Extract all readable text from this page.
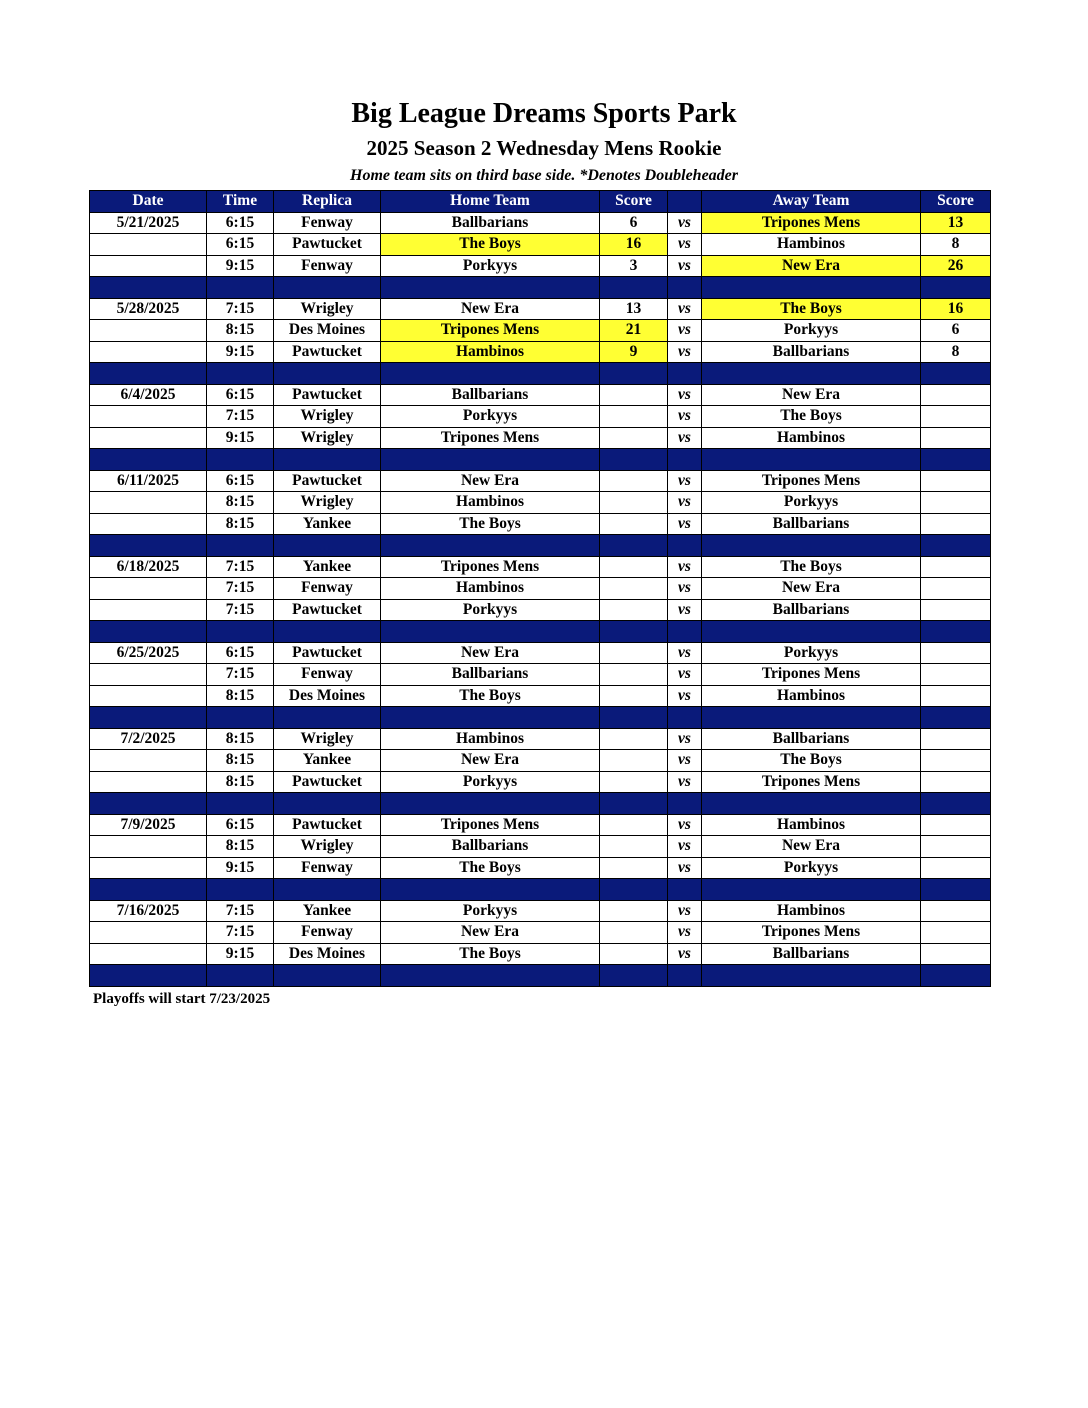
Big League Dreams Sports Park
2025 Season 2 Wednesday Mens Rookie
Home team sits on third base side. *Denotes Doubleheader
Date	Time	Replica	Home Team	Score		Away Team	Score
5/21/2025	6:15	Fenway	Ballbarians	6	vs	Tripones Mens	13
	6:15	Pawtucket	The Boys	16	vs	Hambinos	8
	9:15	Fenway	Porkyys	3	vs	New Era	26

5/28/2025	7:15	Wrigley	New Era	13	vs	The Boys	16
	8:15	Des Moines	Tripones Mens	21	vs	Porkyys	6
	9:15	Pawtucket	Hambinos	9	vs	Ballbarians	8

6/4/2025	6:15	Pawtucket	Ballbarians		vs	New Era	
	7:15	Wrigley	Porkyys		vs	The Boys	
	9:15	Wrigley	Tripones Mens		vs	Hambinos	

6/11/2025	6:15	Pawtucket	New Era		vs	Tripones Mens	
	8:15	Wrigley	Hambinos		vs	Porkyys	
	8:15	Yankee	The Boys		vs	Ballbarians	

6/18/2025	7:15	Yankee	Tripones Mens		vs	The Boys	
	7:15	Fenway	Hambinos		vs	New Era	
	7:15	Pawtucket	Porkyys		vs	Ballbarians	

6/25/2025	6:15	Pawtucket	New Era		vs	Porkyys	
	7:15	Fenway	Ballbarians		vs	Tripones Mens	
	8:15	Des Moines	The Boys		vs	Hambinos	

7/2/2025	8:15	Wrigley	Hambinos		vs	Ballbarians	
	8:15	Yankee	New Era		vs	The Boys	
	8:15	Pawtucket	Porkyys		vs	Tripones Mens	

7/9/2025	6:15	Pawtucket	Tripones Mens		vs	Hambinos	
	8:15	Wrigley	Ballbarians		vs	New Era	
	9:15	Fenway	The Boys		vs	Porkyys	

7/16/2025	7:15	Yankee	Porkyys		vs	Hambinos	
	7:15	Fenway	New Era		vs	Tripones Mens	
	9:15	Des Moines	The Boys		vs	Ballbarians	

Playoffs will start 7/23/2025
